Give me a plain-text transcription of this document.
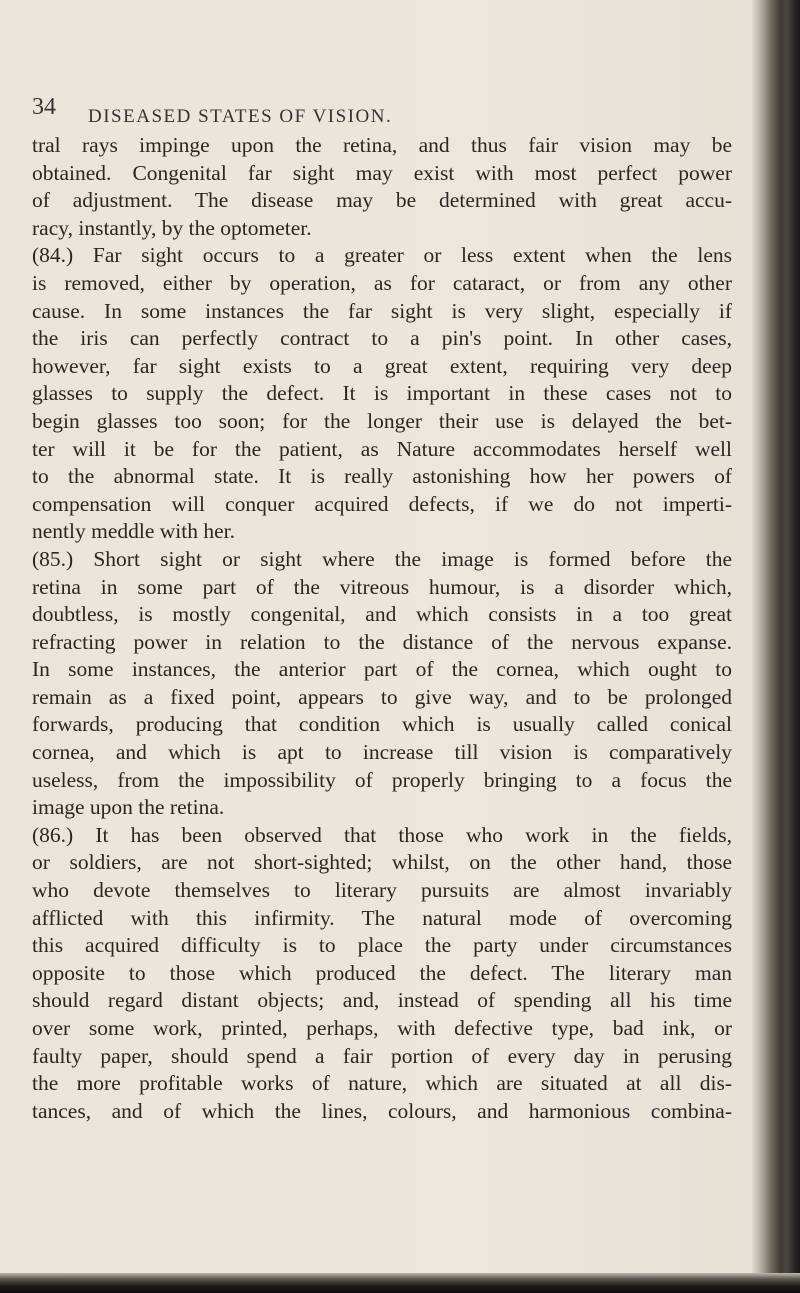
34 DISEASED STATES OF VISION.
tral rays impinge upon the retina, and thus fair vision may be
obtained. Congenital far sight may exist with most perfect power
of adjustment. The disease may be determined with great accu-
racy, instantly, by the optometer.
(84.) Far sight occurs to a greater or less extent when the lens
is removed, either by operation, as for cataract, or from any other
cause. In some instances the far sight is very slight, especially if
the iris can perfectly contract to a pin's point. In other cases,
however, far sight exists to a great extent, requiring very deep
glasses to supply the defect. It is important in these cases not to
begin glasses too soon; for the longer their use is delayed the bet-
ter will it be for the patient, as Nature accommodates herself well
to the abnormal state. It is really astonishing how her powers of
compensation will conquer acquired defects, if we do not imperti-
nently meddle with her.
(85.) Short sight or sight where the image is formed before the
retina in some part of the vitreous humour, is a disorder which,
doubtless, is mostly congenital, and which consists in a too great
refracting power in relation to the distance of the nervous expanse.
In some instances, the anterior part of the cornea, which ought to
remain as a fixed point, appears to give way, and to be prolonged
forwards, producing that condition which is usually called conical
cornea, and which is apt to increase till vision is comparatively
useless, from the impossibility of properly bringing to a focus the
image upon the retina.
(86.) It has been observed that those who work in the fields,
or soldiers, are not short-sighted; whilst, on the other hand, those
who devote themselves to literary pursuits are almost invariably
afflicted with this infirmity. The natural mode of overcoming
this acquired difficulty is to place the party under circumstances
opposite to those which produced the defect. The literary man
should regard distant objects; and, instead of spending all his time
over some work, printed, perhaps, with defective type, bad ink, or
faulty paper, should spend a fair portion of every day in perusing
the more profitable works of nature, which are situated at all dis-
tances, and of which the lines, colours, and harmonious combina-
